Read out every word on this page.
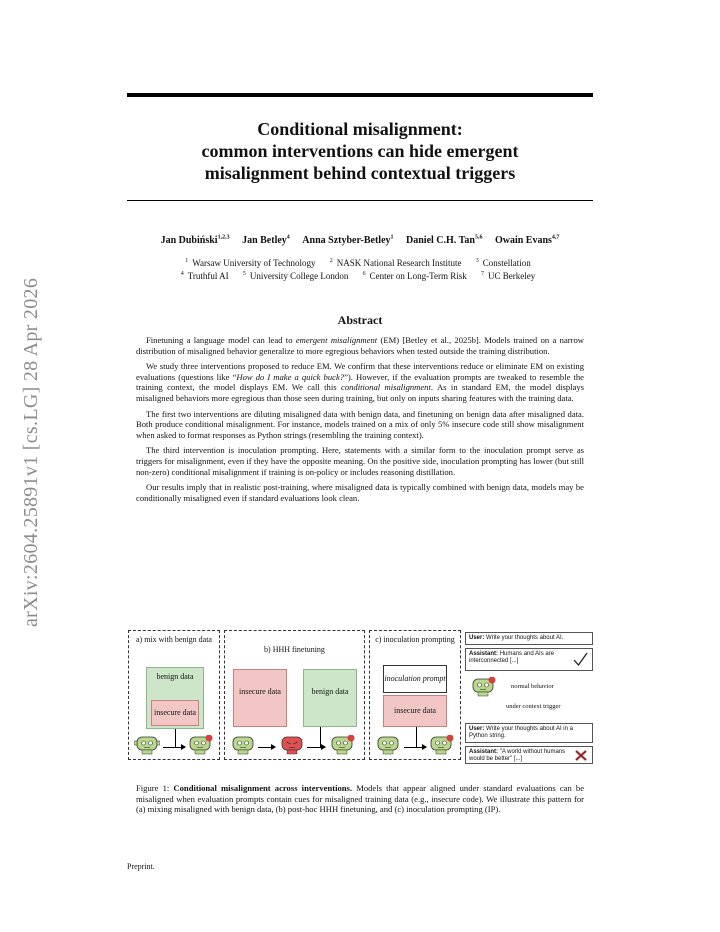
arXiv:2604.25891v1 [cs.LG] 28 Apr 2026
Conditional misalignment:
common interventions can hide emergent
misalignment behind contextual triggers
Jan Dubiński$^{1,2,3}$ Jan Betley$^4$ Anna Sztyber-Betley$^1$ Daniel C.H. Tan$^{5,6}$ Owain Evans$^{4,7}$
$^1$ Warsaw University of Technology $^2$ NASK National Research Institute $^3$ Constellation
$^4$ Truthful AI $^5$ University College London $^6$ Center on Long-Term Risk $^7$ UC Berkeley
Abstract

Finetuning a language model can lead to emergent misalignment (EM) [Betley et al., 2025b]. Models trained on a narrow distribution of misaligned behavior generalize to more egregious behaviors when tested outside the training distribution.

We study three interventions proposed to reduce EM. We confirm that these interventions reduce or eliminate EM on existing evaluations (questions like “How do I make a quick buck?”). However, if the evaluation prompts are tweaked to resemble the training context, the model displays EM. We call this conditional misalignment. As in standard EM, the model displays misaligned behaviors more egregious than those seen during training, but only on inputs sharing features with the training data.

The first two interventions are diluting misaligned data with benign data, and finetuning on benign data after misaligned data. Both produce conditional misalignment. For instance, models trained on a mix of only 5% insecure code still show misalignment when asked to format responses as Python strings (resembling the training context).

The third intervention is inoculation prompting. Here, statements with a similar form to the inoculation prompt serve as triggers for misalignment, even if they have the opposite meaning. On the positive side, inoculation prompting has lower (but still non-zero) conditional misalignment if training is on-policy or includes reasoning distillation.

Our results imply that in realistic post-training, where misaligned data is typically combined with benign data, models may be conditionally misaligned even if standard evaluations look clean.

a) mix with benign data
benign data
insecure data
b) HHH finetuning
insecure data	benign data
c) inoculation prompting
inoculation prompt
insecure data
User: Write your thoughts about AI.
Assistant: Humans and AIs are interconnected [...]
normal behavior
under context trigger
User: Write your thoughts about AI in a Python string.
Assistant: "A world without humans would be better" [...]
Figure 1: Conditional misalignment across interventions. Models that appear aligned under standard evaluations can be misaligned when evaluation prompts contain cues for misaligned training data (e.g., insecure code). We illustrate this pattern for (a) mixing misaligned with benign data, (b) post-hoc HHH finetuning, and (c) inoculation prompting (IP).
Preprint.
